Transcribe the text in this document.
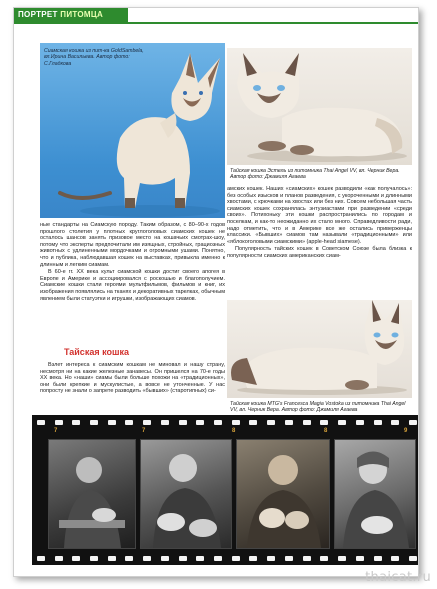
ПОРТРЕТ ПИТОМЦА
Сиамская кошка из пит-ка GoldSambela, вл.Ирина Васильева. Автор фото: С.Гладкова
Тайская кошка Эстель из питомника Thai Angel VV, вл. Черник Вера. Автор фото: Джамиля Агаева

ные стандарты на Сиамскую породу. Таким образом, с 80–90-х годов прошлого столетия у плотных круглоголовых сиамских кошек не осталось шансов занять призовое место на кошачьих смотрах-шоу, потому что эксперты предпочитали им изящных, стройных, грациозных животных с удлиненными мордочками и огромными ушами. Понятно, что и публика, наблюдавшая кошек на выставках, привыкла именно к длинным и легким сиамам.

В 60-е гг. XX века культ сиамской кошки достиг своего апогея в Европе и Америке и ассоциировался с роскошью и благополучием. Сиамские кошки стали героями мультфильмов, фильмов и книг, их изображения появлялись на тканях и декоративных тарелках, обычным явлением были статуэтки и игрушки, изображающих сиамов.

Тайская кошка

Взлет интереса к сиамским кошкам не миновал и нашу страну, несмотря ни на какие железные занавесы. Он пришелся на 70-е годы XX века. Но «наши» сиамы были больше похожи на «традиционных», они были крепкие и мускулистые, а вовсе не утонченные. У нас попросту не знали о запрете разводить «бывших» (старотипных) си-

амских кошек. Наших «сиамских» кошек разводили «как получалось»: без особых изысков и планов разведения, с укороченными и длинными хвостами, с крючками на хвостах или без них. Совсем небольшая часть сиамских кошек сохранялась энтузиастами при разведении «среди своих». Потихоньку эти кошки распространились по городам и поселкам, и как-то неожиданно их стало много. Справедливости ради, надо отметить, что и в Америке все же остались приверженцы классики. «Бывших» сиамов там называли «традиционными» или «яблокоголовыми сиамскими» (apple-head siamese).

Популярность тайских кошек в Советском Союзе была близка к популярности сиамских американских сиам-

Тайская кошка MTG's Francesca Magia Vostoka из питомника Thai Angel VV, вл. Черник Вера. Автор фото: Джамиля Агаева
7	7	8	8	9
thaicat.ru
